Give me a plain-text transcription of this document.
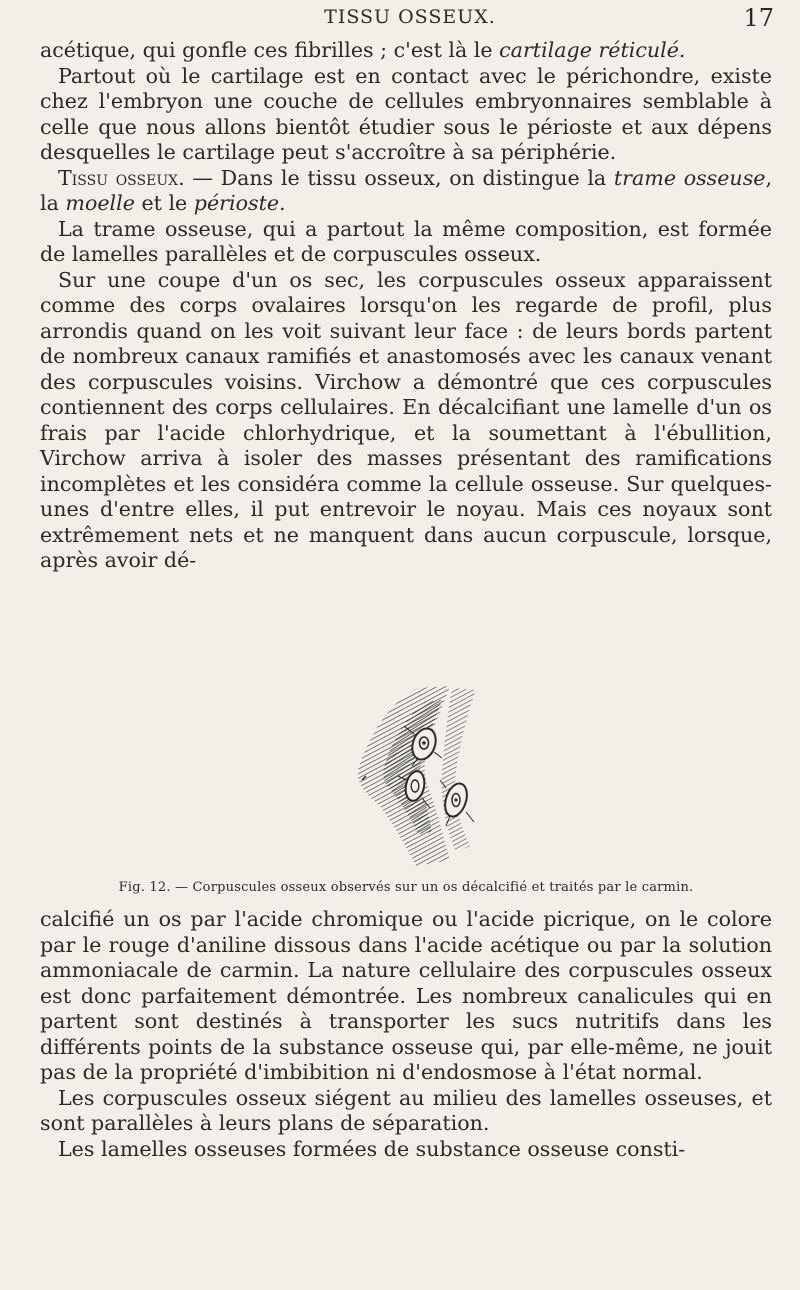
TISSU OSSEUX.	17

acétique, qui gonfle ces fibrilles ; c'est là le cartilage réticulé.

Partout où le cartilage est en contact avec le périchondre, existe chez l'embryon une couche de cellules embryonnaires semblable à celle que nous allons bientôt étudier sous le périoste et aux dépens desquelles le cartilage peut s'accroître à sa périphérie.

Tissu osseux. — Dans le tissu osseux, on distingue la trame osseuse, la moelle et le périoste.

La trame osseuse, qui a partout la même composition, est formée de lamelles parallèles et de corpuscules osseux.

Sur une coupe d'un os sec, les corpuscules osseux apparaissent comme des corps ovalaires lorsqu'on les regarde de profil, plus arrondis quand on les voit suivant leur face : de leurs bords partent de nombreux canaux ramifiés et anastomosés avec les canaux venant des corpuscules voisins. Virchow a démontré que ces corpuscules contiennent des corps cellulaires. En décalcifiant une lamelle d'un os frais par l'acide chlorhydrique, et la soumettant à l'ébullition, Virchow arriva à isoler des masses présentant des ramifications incomplètes et les considéra comme la cellule osseuse. Sur quelques-unes d'entre elles, il put entrevoir le noyau. Mais ces noyaux sont extrêmement nets et ne manquent dans aucun corpuscule, lorsque, après avoir dé-

Fig. 12. — Corpuscules osseux observés sur un os décalcifié et traités par le carmin.

calcifié un os par l'acide chromique ou l'acide picrique, on le colore par le rouge d'aniline dissous dans l'acide acétique ou par la solution ammoniacale de carmin. La nature cellulaire des corpuscules osseux est donc parfaitement démontrée. Les nombreux canalicules qui en partent sont destinés à transporter les sucs nutritifs dans les différents points de la substance osseuse qui, par elle-même, ne jouit pas de la propriété d'imbibition ni d'endosmose à l'état normal.

Les corpuscules osseux siégent au milieu des lamelles osseuses, et sont parallèles à leurs plans de séparation.

Les lamelles osseuses formées de substance osseuse consti-
